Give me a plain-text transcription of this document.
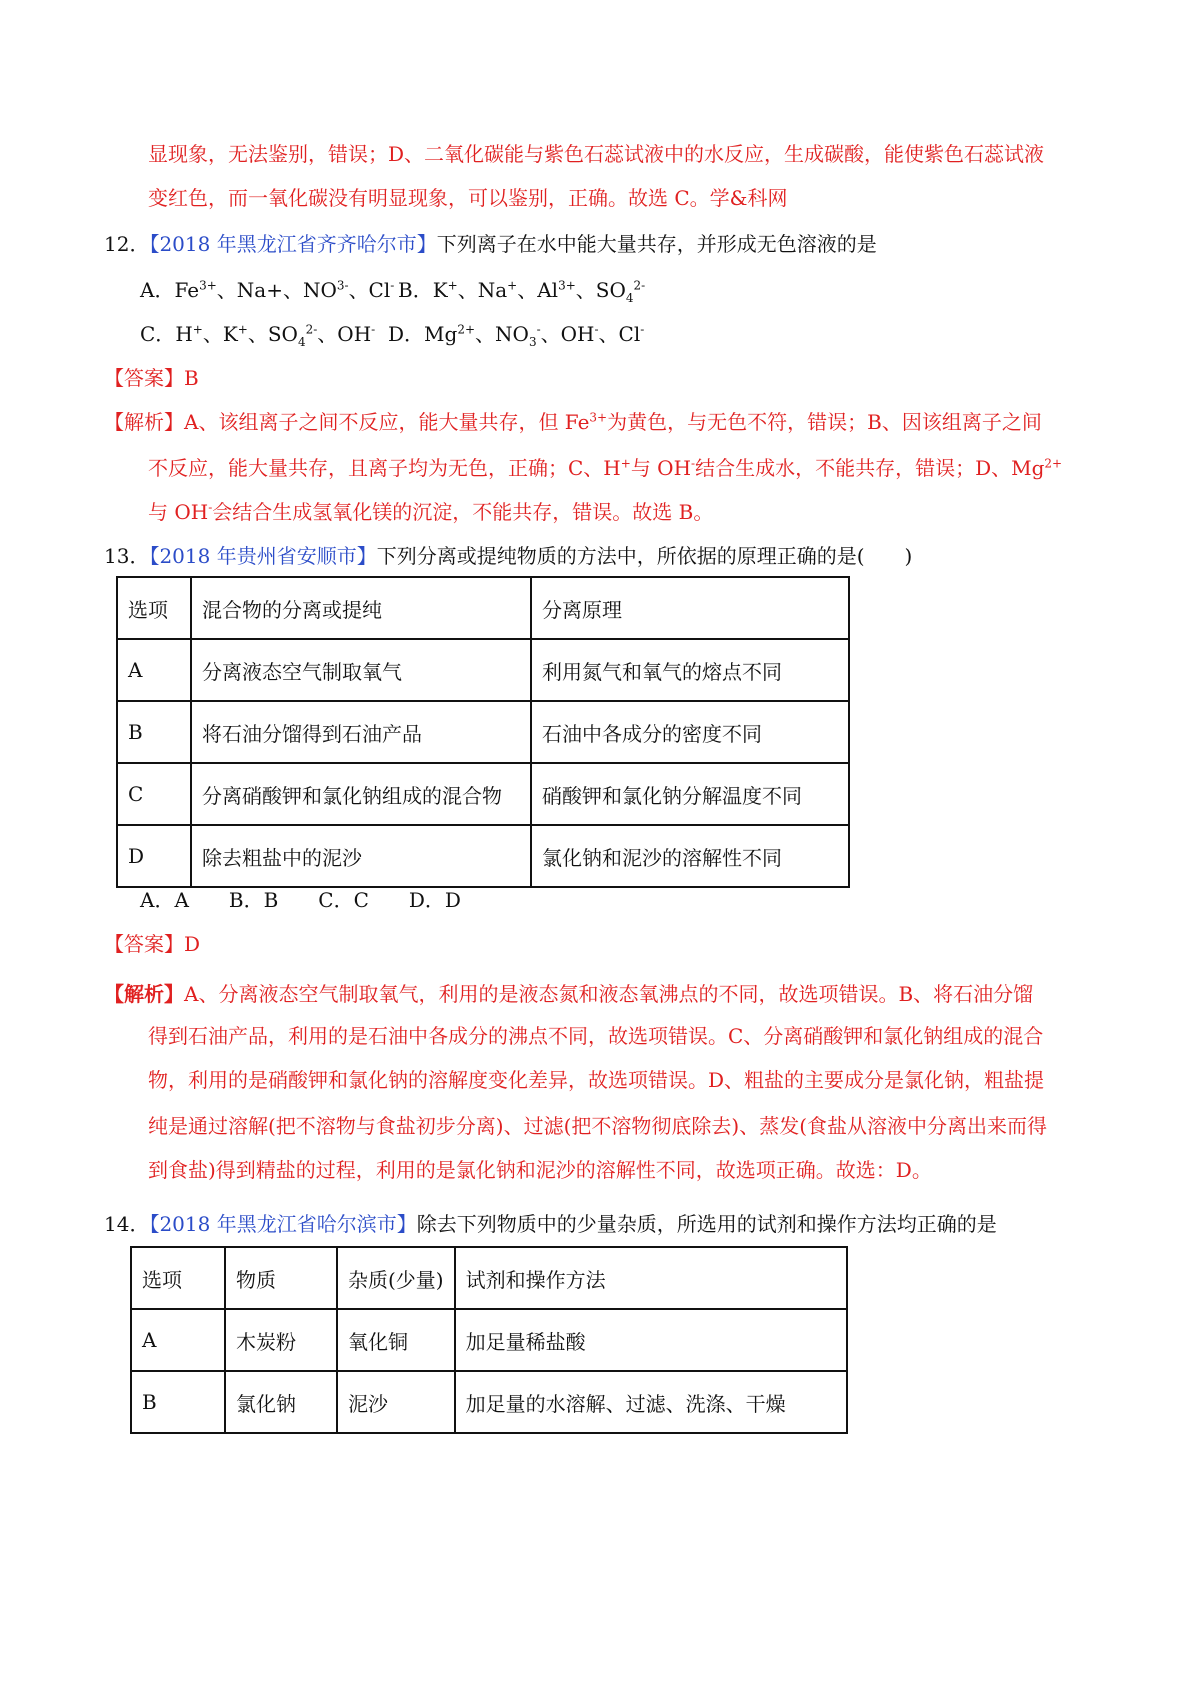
显现象，无法鉴别，错误；D、二氧化碳能与紫色石蕊试液中的水反应，生成碳酸，能使紫色石蕊试液
变红色，而一氧化碳没有明显现象，可以鉴别，正确。故选 C。学&科网
12．【2018 年黑龙江省齐齐哈尔市】下列离子在水中能大量共存，并形成无色溶液的是
A．$Fe^{3+}$、Na+、$NO^{3-}$、Cl- B．K+、Na+、$Al^{3+}$、$SO_4^{2-}$
C．H+、K+、$SO_4^{2-}$、OH- D．$Mg^{2+}$、$NO_3^-$、OH-、Cl-
【答案】B
【解析】A、该组离子之间不反应，能大量共存，但 $Fe^{3+}$为黄色，与无色不符，错误；B、因该组离子之间
不反应，能大量共存，且离子均为无色，正确；C、H+与 OH-结合生成水，不能共存，错误；D、$Mg^{2+}$
与 OH-会结合生成氢氧化镁的沉淀，不能共存，错误。故选 B。
13．【2018 年贵州省安顺市】下列分离或提纯物质的方法中，所依据的原理正确的是(　　)
选项	混合物的分离或提纯	分离原理
A	分离液态空气制取氧气	利用氮气和氧气的熔点不同
B	将石油分馏得到石油产品	石油中各成分的密度不同
C	分离硝酸钾和氯化钠组成的混合物	硝酸钾和氯化钠分解温度不同
D	除去粗盐中的泥沙	氯化钠和泥沙的溶解性不同
A．A　　B．B　　C．C　　D．D
【答案】D
【解析】A、分离液态空气制取氧气，利用的是液态氮和液态氧沸点的不同，故选项错误。B、将石油分馏
得到石油产品，利用的是石油中各成分的沸点不同，故选项错误。C、分离硝酸钾和氯化钠组成的混合
物，利用的是硝酸钾和氯化钠的溶解度变化差异，故选项错误。D、粗盐的主要成分是氯化钠，粗盐提
纯是通过溶解(把不溶物与食盐初步分离)、过滤(把不溶物彻底除去)、蒸发(食盐从溶液中分离出来而得
到食盐)得到精盐的过程，利用的是氯化钠和泥沙的溶解性不同，故选项正确。故选：D。
14．【2018 年黑龙江省哈尔滨市】除去下列物质中的少量杂质，所选用的试剂和操作方法均正确的是
选项	物质	杂质(少量)	试剂和操作方法
A	木炭粉	氧化铜	加足量稀盐酸
B	氯化钠	泥沙	加足量的水溶解、过滤、洗涤、干燥
